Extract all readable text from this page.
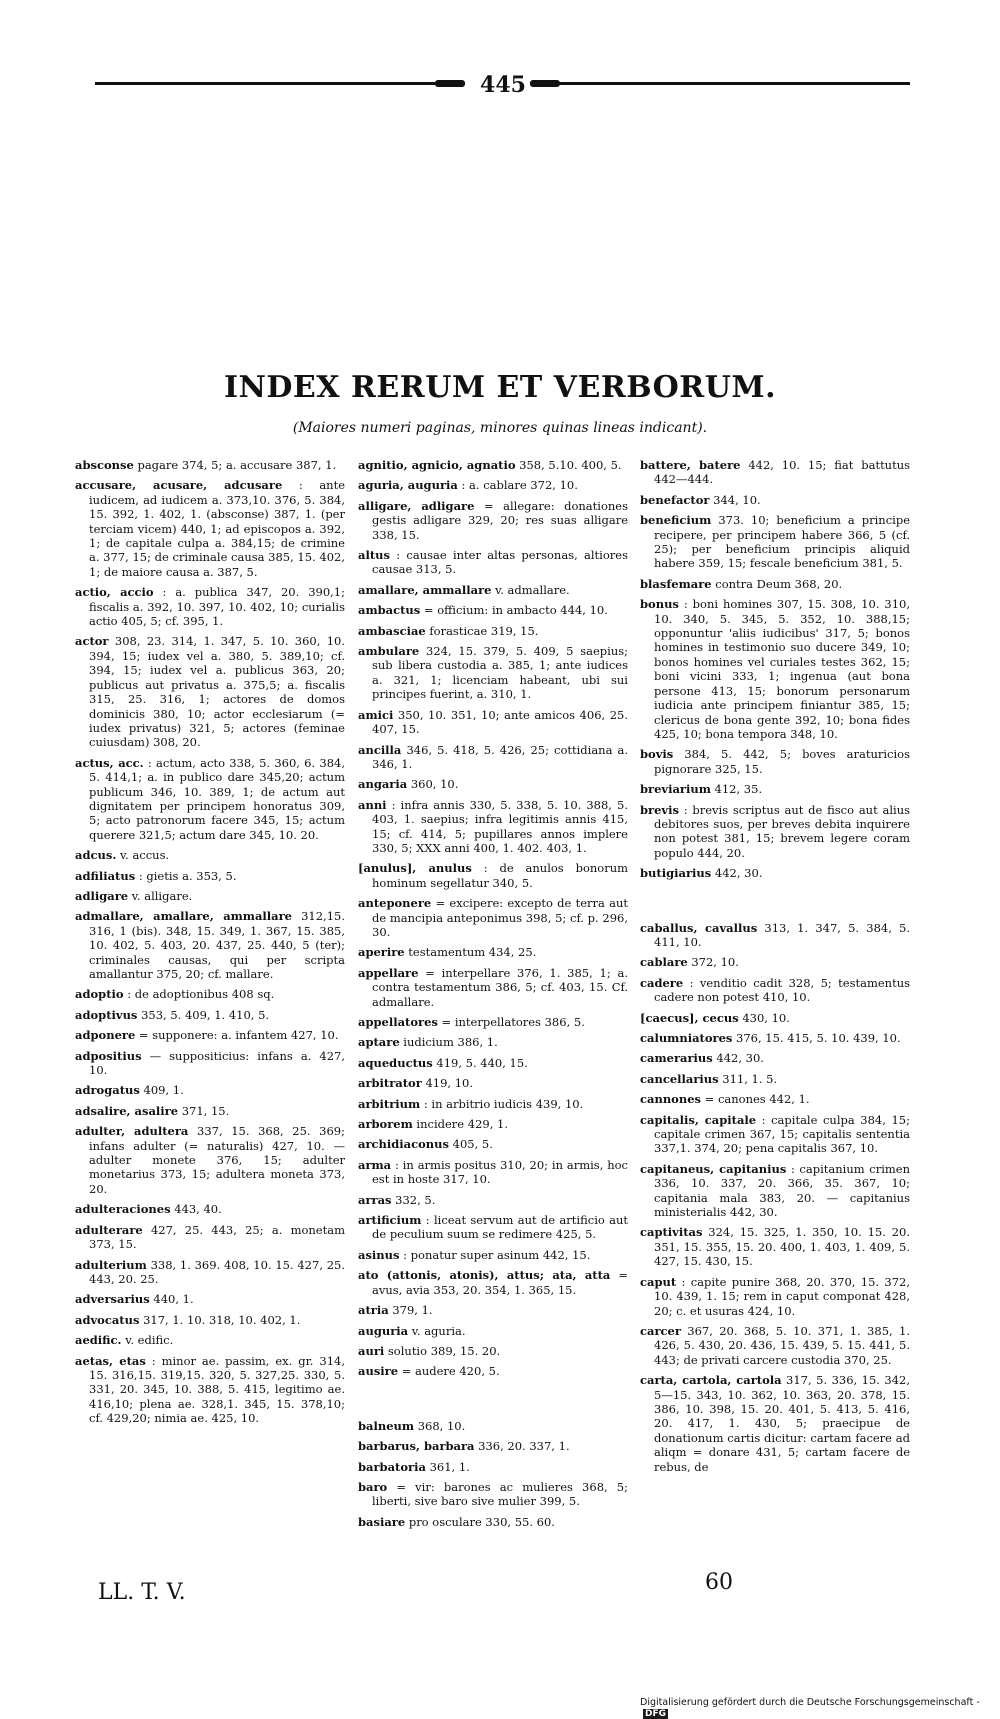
445
INDEX RERUM ET VERBORUM.
(Maiores numeri paginas, minores quinas lineas indicant).
absconse pagare 374, 5; a. accusare 387, 1.
accusare, acusare, adcusare : ante iudicem, ad iudicem a. 373,10. 376, 5. 384, 15. 392, 1. 402, 1. (absconse) 387, 1. (per terciam vicem) 440, 1; ad episcopos a. 392, 1; de capitale culpa a. 384,15; de crimine a. 377, 15; de criminale causa 385, 15. 402, 1; de maiore causa a. 387, 5.
actio, accio : a. publica 347, 20. 390,1; fiscalis a. 392, 10. 397, 10. 402, 10; curialis actio 405, 5; cf. 395, 1.
actor 308, 23. 314, 1. 347, 5. 10. 360, 10. 394, 15; iudex vel a. 380, 5. 389,10; cf. 394, 15; iudex vel a. publicus 363, 20; publicus aut privatus a. 375,5; a. fiscalis 315, 25. 316, 1; actores de domos dominicis 380, 10; actor ecclesiarum (= iudex privatus) 321, 5; actores (feminae cuiusdam) 308, 20.
actus, acc. : actum, acto 338, 5. 360, 6. 384, 5. 414,1; a. in publico dare 345,20; actum publicum 346, 10. 389, 1; de actum aut dignitatem per principem honoratus 309, 5; acto patronorum facere 345, 15; actum querere 321,5; actum dare 345, 10. 20.
adcus. v. accus.
adfiliatus : gietis a. 353, 5.
adligare v. alligare.
admallare, amallare, ammallare 312,15. 316, 1 (bis). 348, 15. 349, 1. 367, 15. 385, 10. 402, 5. 403, 20. 437, 25. 440, 5 (ter); criminales causas, qui per scripta amallantur 375, 20; cf. mallare.
adoptio : de adoptionibus 408 sq.
adoptivus 353, 5. 409, 1. 410, 5.
adponere = supponere: a. infantem 427, 10.
adpositius — suppositicius: infans a. 427, 10.
adrogatus 409, 1.
adsalire, asalire 371, 15.
adulter, adultera 337, 15. 368, 25. 369; infans adulter (= naturalis) 427, 10. — adulter monete 376, 15; adulter monetarius 373, 15; adultera moneta 373, 20.
adulteraciones 443, 40.
adulterare 427, 25. 443, 25; a. monetam 373, 15.
adulterium 338, 1. 369. 408, 10. 15. 427, 25. 443, 20. 25.
adversarius 440, 1.
advocatus 317, 1. 10. 318, 10. 402, 1.
aedific. v. edific.
aetas, etas : minor ae. passim, ex. gr. 314, 15. 316,15. 319,15. 320, 5. 327,25. 330, 5. 331, 20. 345, 10. 388, 5. 415, legitimo ae. 416,10; plena ae. 328,1. 345, 15. 378,10; cf. 429,20; nimia ae. 425, 10.
agnitio, agnicio, agnatio 358, 5.10. 400, 5.
aguria, auguria : a. cablare 372, 10.
alligare, adligare = allegare: donationes gestis adligare 329, 20; res suas alligare 338, 15.
altus : causae inter altas personas, altiores causae 313, 5.
amallare, ammallare v. admallare.
ambactus = officium: in ambacto 444, 10.
ambasciae forasticae 319, 15.
ambulare 324, 15. 379, 5. 409, 5 saepius; sub libera custodia a. 385, 1; ante iudices a. 321, 1; licenciam habeant, ubi sui principes fuerint, a. 310, 1.
amici 350, 10. 351, 10; ante amicos 406, 25. 407, 15.
ancilla 346, 5. 418, 5. 426, 25; cottidiana a. 346, 1.
angaria 360, 10.
anni : infra annis 330, 5. 338, 5. 10. 388, 5. 403, 1. saepius; infra legitimis annis 415, 15; cf. 414, 5; pupillares annos implere 330, 5; XXX anni 400, 1. 402. 403, 1.
[anulus], anulus : de anulos bonorum hominum segellatur 340, 5.
anteponere = excipere: excepto de terra aut de mancipia anteponimus 398, 5; cf. p. 296, 30.
aperire testamentum 434, 25.
appellare = interpellare 376, 1. 385, 1; a. contra testamentum 386, 5; cf. 403, 15. Cf. admallare.
appellatores = interpellatores 386, 5.
aptare iudicium 386, 1.
aqueductus 419, 5. 440, 15.
arbitrator 419, 10.
arbitrium : in arbitrio iudicis 439, 10.
arborem incidere 429, 1.
archidiaconus 405, 5.
arma : in armis positus 310, 20; in armis, hoc est in hoste 317, 10.
arras 332, 5.
artificium : liceat servum aut de artificio aut de peculium suum se redimere 425, 5.
asinus : ponatur super asinum 442, 15.
ato (attonis, atonis), attus; ata, atta = avus, avia 353, 20. 354, 1. 365, 15.
atria 379, 1.
auguria v. aguria.
auri solutio 389, 15. 20.
ausire = audere 420, 5.
balneum 368, 10.
barbarus, barbara 336, 20. 337, 1.
barbatoria 361, 1.
baro = vir: barones ac mulieres 368, 5; liberti, sive baro sive mulier 399, 5.
basiare pro osculare 330, 55. 60.
battere, batere 442, 10. 15; fiat battutus 442—444.
benefactor 344, 10.
beneficium 373. 10; beneficium a principe recipere, per principem habere 366, 5 (cf. 25); per beneficium principis aliquid habere 359, 15; fescale beneficium 381, 5.
blasfemare contra Deum 368, 20.
bonus : boni homines 307, 15. 308, 10. 310, 10. 340, 5. 345, 5. 352, 10. 388,15; opponuntur 'aliis iudicibus' 317, 5; bonos homines in testimonio suo ducere 349, 10; bonos homines vel curiales testes 362, 15; boni vicini 333, 1; ingenua (aut bona persone 413, 15; bonorum personarum iudicia ante principem finiantur 385, 15; clericus de bona gente 392, 10; bona fides 425, 10; bona tempora 348, 10.
bovis 384, 5. 442, 5; boves araturicios pignorare 325, 15.
breviarium 412, 35.
brevis : brevis scriptus aut de fisco aut alius debitores suos, per breves debita inquirere non potest 381, 15; brevem legere coram populo 444, 20.
butigiarius 442, 30.
caballus, cavallus 313, 1. 347, 5. 384, 5. 411, 10.
cablare 372, 10.
cadere : venditio cadit 328, 5; testamentus cadere non potest 410, 10.
[caecus], cecus 430, 10.
calumniatores 376, 15. 415, 5. 10. 439, 10.
camerarius 442, 30.
cancellarius 311, 1. 5.
cannones = canones 442, 1.
capitalis, capitale : capitale culpa 384, 15; capitale crimen 367, 15; capitalis sententia 337,1. 374, 20; pena capitalis 367, 10.
capitaneus, capitanius : capitanium crimen 336, 10. 337, 20. 366, 35. 367, 10; capitania mala 383, 20. — capitanius ministerialis 442, 30.
captivitas 324, 15. 325, 1. 350, 10. 15. 20. 351, 15. 355, 15. 20. 400, 1. 403, 1. 409, 5. 427, 15. 430, 15.
caput : capite punire 368, 20. 370, 15. 372, 10. 439, 1. 15; rem in caput componat 428, 20; c. et usuras 424, 10.
carcer 367, 20. 368, 5. 10. 371, 1. 385, 1. 426, 5. 430, 20. 436, 15. 439, 5. 15. 441, 5. 443; de privati carcere custodia 370, 25.
carta, cartola, cartola 317, 5. 336, 15. 342, 5—15. 343, 10. 362, 10. 363, 20. 378, 15. 386, 10. 398, 15. 20. 401, 5. 413, 5. 416, 20. 417, 1. 430, 5; praecipue de donationum cartis dicitur: cartam facere ad aliqm = donare 431, 5; cartam facere de rebus, de
LL. T. V.	60
Digitalisierung gefördert durch die Deutsche Forschungsgemeinschaft -DFG
